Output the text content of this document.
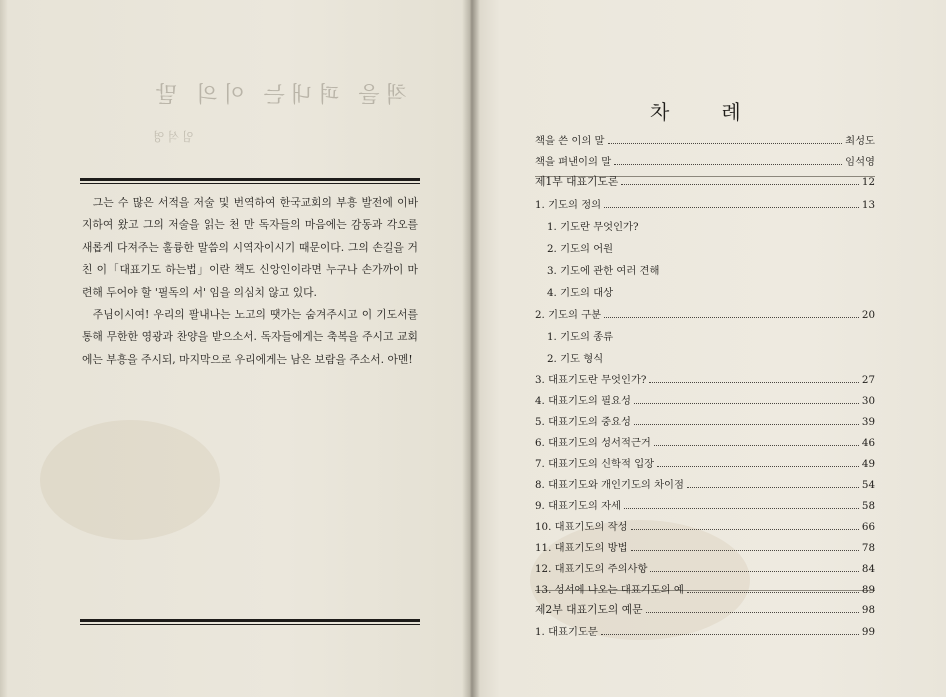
책을 펴내는 이의 말
임석영

그는 수 많은 서적을 저술 및 번역하여 한국교회의 부흥 발전에 이바지하여 왔고 그의 저술을 읽는 천 만 독자들의 마음에는 감동과 각오를 새롭게 다져주는 훌륭한 말씀의 시역자이시기 때문이다. 그의 손길을 거친 이「대표기도 하는법」이란 책도 신앙인이라면 누구나 손가까이 마련해 두어야 할 '필독의 서' 임을 의심치 않고 있다.

주님이시여! 우리의 팔내나는 노고의 땟가는 숨겨주시고 이 기도서를 통해 무한한 영광과 찬양을 받으소서. 독자들에게는 축복을 주시고 교회에는 부흥을 주시되, 마지막으로 우리에게는 남은 보람을 주소서. 아멘!

차례
책을 쓴 이의 말	최성도
책을 펴낸이의 말	임석영
제1부 대표기도론	12
1. 기도의 정의	13
1. 기도란 무엇인가?
2. 기도의 어원
3. 기도에 관한 여러 견해
4. 기도의 대상
2. 기도의 구분	20
1. 기도의 종류
2. 기도 형식
3. 대표기도란 무엇인가?	27
4. 대표기도의 필요성	30
5. 대표기도의 중요성	39
6. 대표기도의 성서적근거	46
7. 대표기도의 신학적 입장	49
8. 대표기도와 개인기도의 차이점	54
9. 대표기도의 자세	58
10. 대표기도의 작성	66
11. 대표기도의 방법	78
12. 대표기도의 주의사항	84
13. 성서에 나오는 대표기도의 예	89
제2부 대표기도의 예문	98
1. 대표기도문	99
